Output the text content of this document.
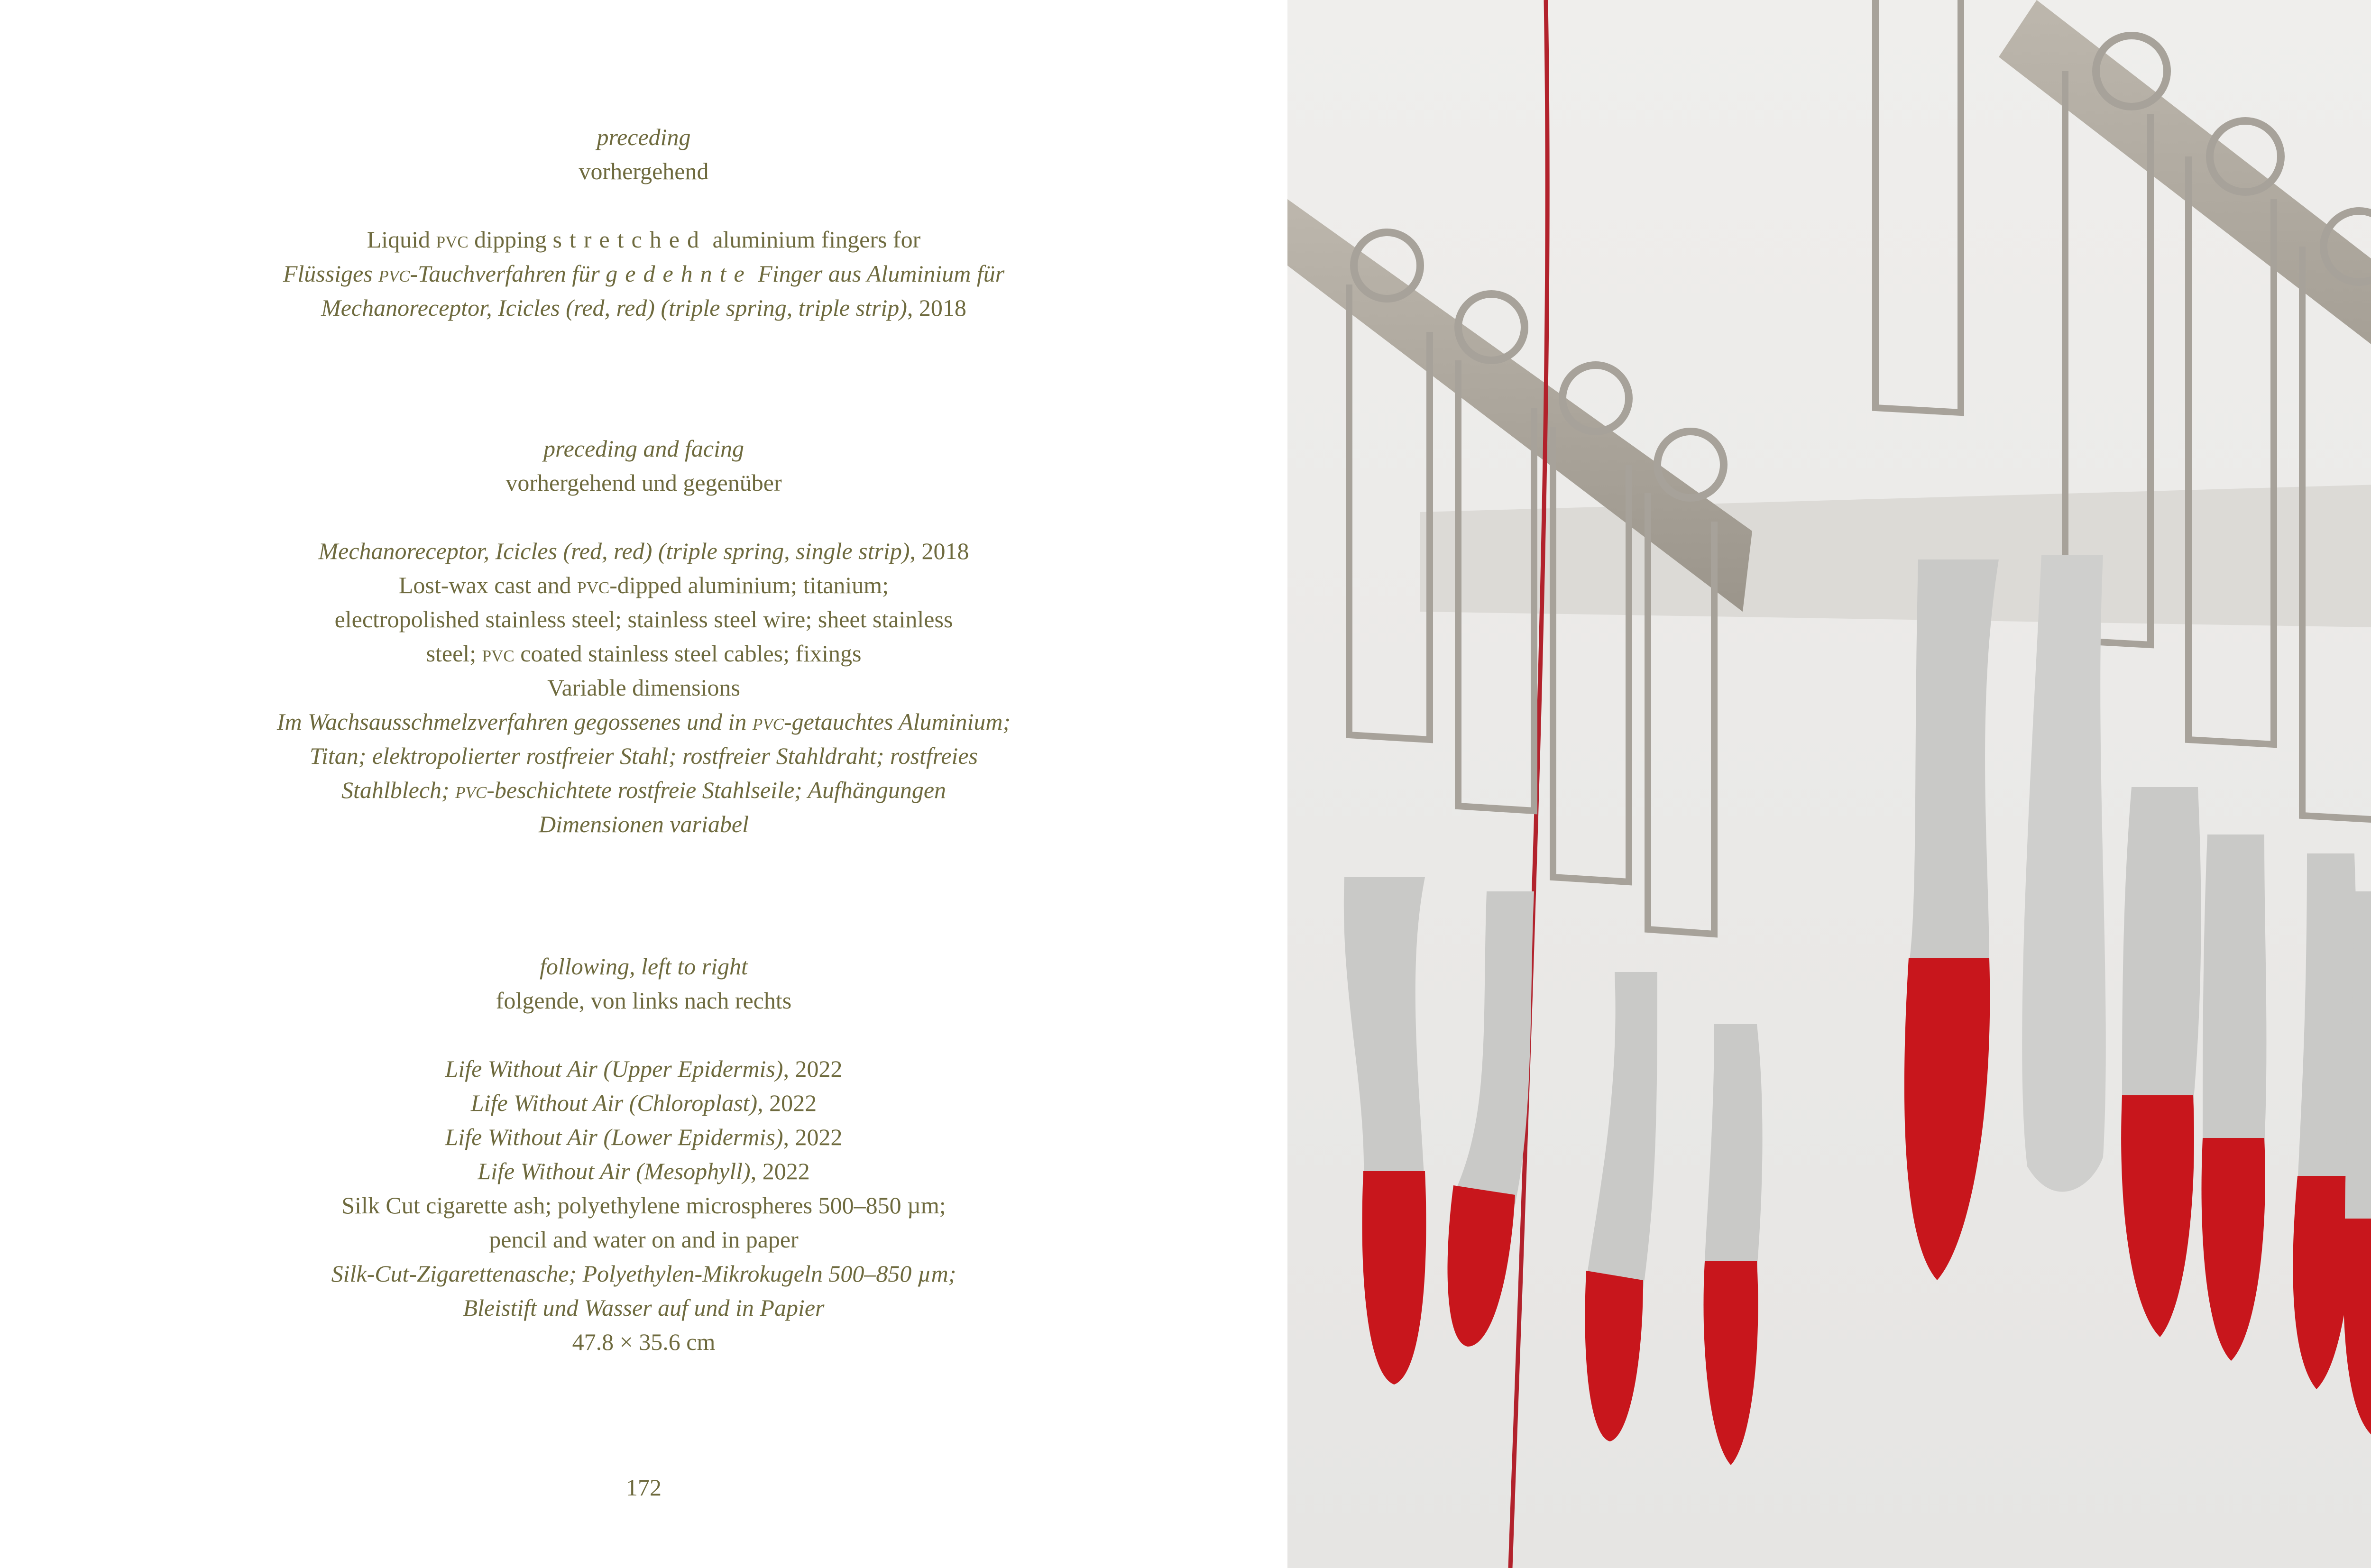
preceding
vorhergehend
Liquid pvc dipping stretched aluminium fingers for
Flüssiges pvc-Tauchverfahren für gedehnte Finger aus Aluminium für
Mechanoreceptor, Icicles (red, red) (triple spring, triple strip), 2018
preceding and facing
vorhergehend und gegenüber
Mechanoreceptor, Icicles (red, red) (triple spring, single strip), 2018
Lost-wax cast and pvc-dipped aluminium; titanium;
electropolished stainless steel; stainless steel wire; sheet stainless
steel; pvc coated stainless steel cables; fixings
Variable dimensions
Im Wachsausschmelzverfahren gegossenes und in pvc-getauchtes Aluminium;
Titan; elektropolierter rostfreier Stahl; rostfreier Stahldraht; rostfreies
Stahlblech; pvc-beschichtete rostfreie Stahlseile; Aufhängungen
Dimensionen variabel
following, left to right
folgende, von links nach rechts
Life Without Air (Upper Epidermis), 2022
Life Without Air (Chloroplast), 2022
Life Without Air (Lower Epidermis), 2022
Life Without Air (Mesophyll), 2022
Silk Cut cigarette ash; polyethylene microspheres 500–850 µm;
pencil and water on and in paper
Silk-Cut-Zigarettenasche; Polyethylen-Mikrokugeln 500–850 µm;
Bleistift und Wasser auf und in Papier
47.8 × 35.6 cm
172
